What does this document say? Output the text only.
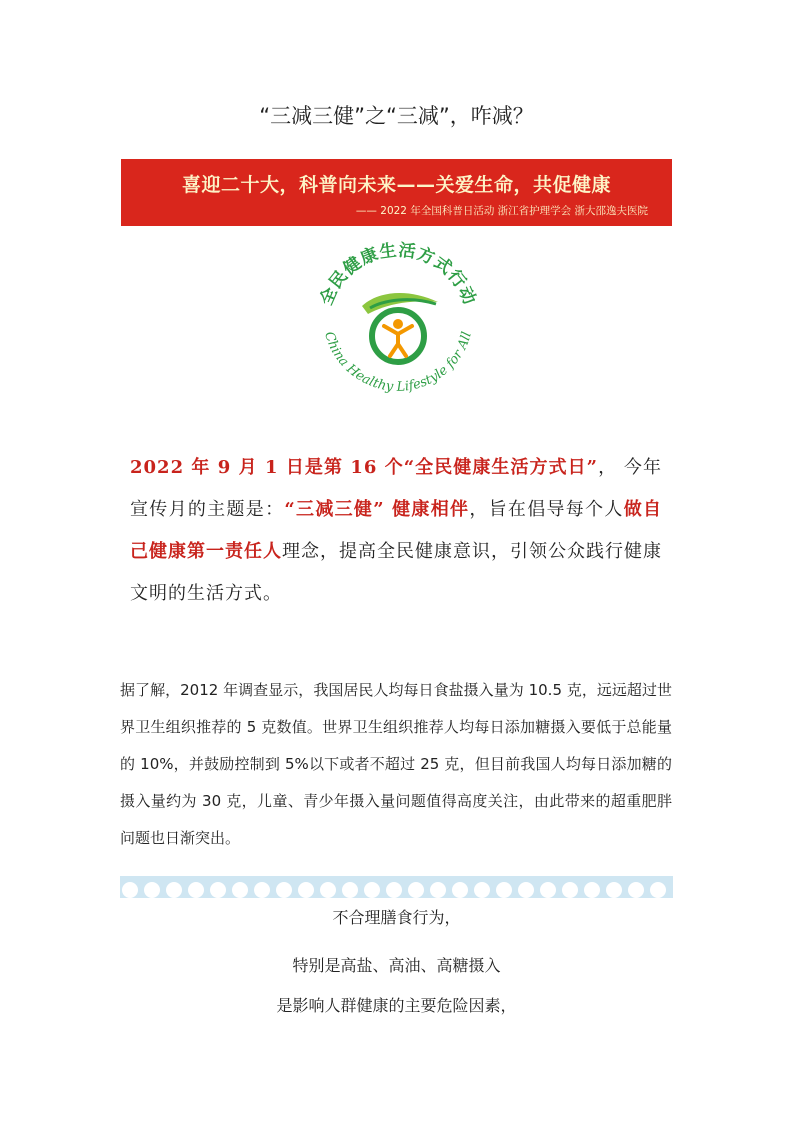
“三减三健”之“三减”，咋减？
喜迎二十大，科普向未来——关爱生命，共促健康
—— 2022 年全国科普日活动 浙江省护理学会 浙大邵逸夫医院
全民健康生活方式行动
China Healthy Lifestyle for All
2022 年 9 月 1 日是第 16 个“全民健康生活方式日”， 今年宣传月的主题是：“三减三健” 健康相伴，旨在倡导每个人做自己健康第一责任人理念，提高全民健康意识，引领公众践行健康文明的生活方式。
据了解，2012 年调查显示，我国居民人均每日食盐摄入量为 10.5 克，远远超过世界卫生组织推荐的 5 克数值。世界卫生组织推荐人均每日添加糖摄入要低于总能量的 10%，并鼓励控制到 5%以下或者不超过 25 克，但目前我国人均每日添加糖的摄入量约为 30 克，儿童、青少年摄入量问题值得高度关注，由此带来的超重肥胖问题也日渐突出。
不合理膳食行为，
特别是高盐、高油、高糖摄入
是影响人群健康的主要危险因素，
